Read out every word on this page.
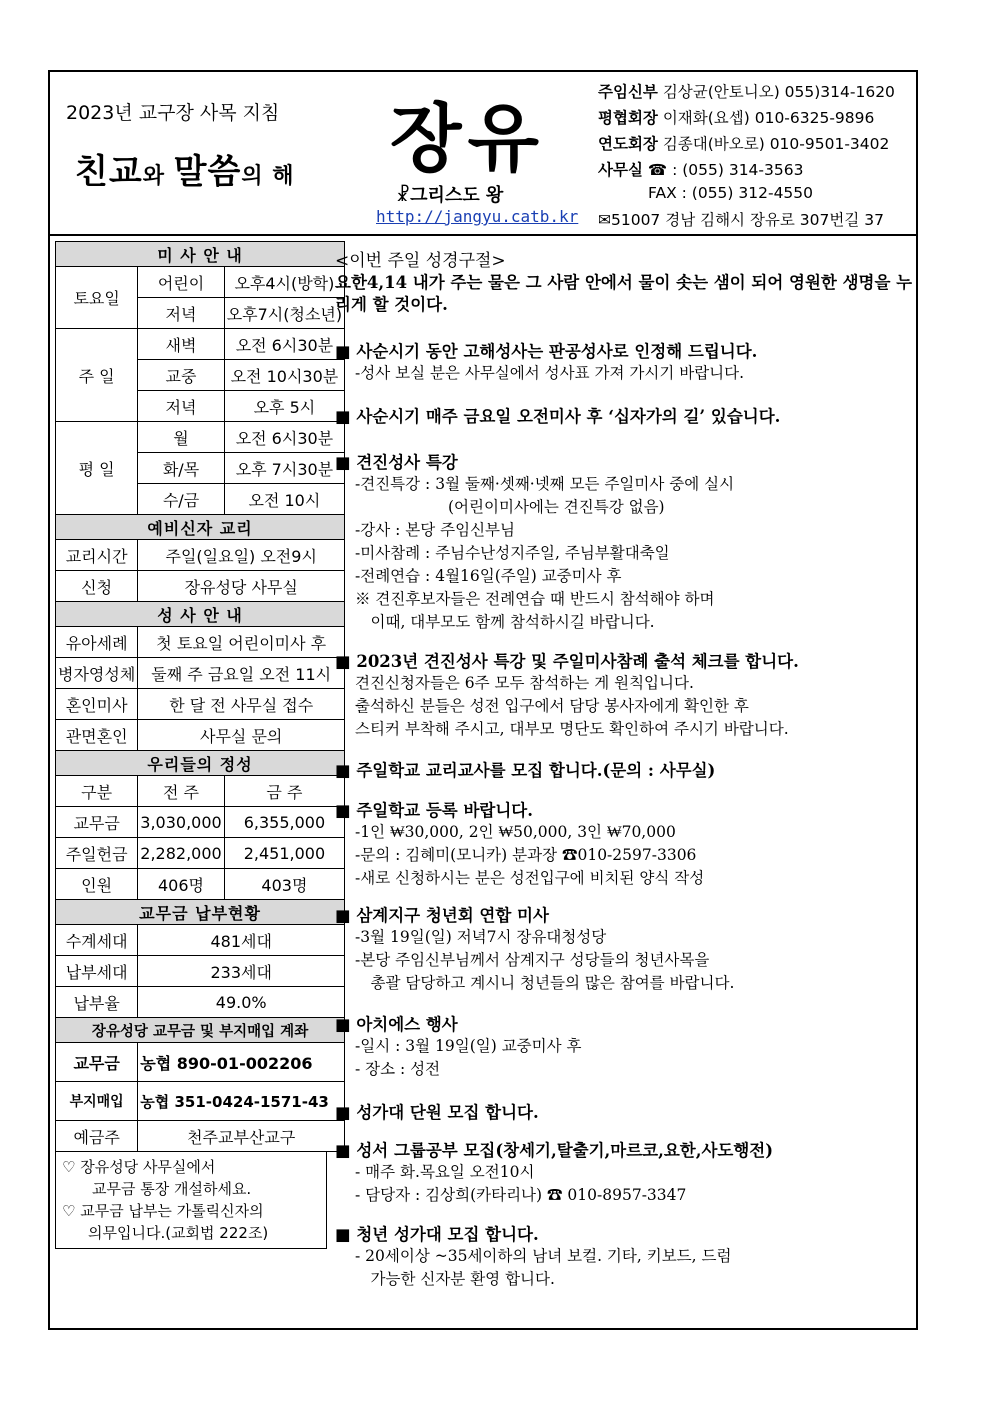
2023년 교구장 사목 지침
친교와 말씀의 해 장유
☧그리스도 왕
http://jangyu.catb.kr
주임신부 김상균(안토니오) 055)314-1620
평협회장 이재화(요셉) 010-6325-9896
연도회장 김종대(바오로) 010-9501-3402
사무실 ☎ : (055) 314-3563
FAX : (055) 312-4550
✉51007 경남 김해시 장유로 307번길 37
미 사 안 내		
토요일	어린이	오후4시(방학)
	저녁	오후7시(청소년)
주 일	새벽	오전 6시30분
	교중	오전 10시30분
	저녁	오후 5시
평 일	월	오전 6시30분
	화/목	오후 7시30분
	수/금	오전 10시
예비신자 교리		
교리시간	주일(일요일) 오전9시	
신청	장유성당 사무실	
성 사 안 내		
유아세례	첫 토요일 어린이미사 후	
병자영성체	둘째 주 금요일 오전 11시	
혼인미사	한 달 전 사무실 접수	
관면혼인	사무실 문의	
우리들의 정성		
구분	전 주	금 주
교무금	3,030,000	6,355,000
주일헌금	2,282,000	2,451,000
인원	406명	403명
교무금 납부현황		
수계세대	481세대	
납부세대	233세대	
납부율	49.0%	
장유성당 교무금 및 부지매입 계좌		
교무금	농협 890-01-002206	
부지매입	농협 351-0424-1571-43	
예금주	천주교부산교구	
♡ 장유성당 사무실에서
교무금 통장 개설하세요.
♡ 교무금 납부는 가톨릭신자의
의무입니다.(교회법 222조)
<이번 주일 성경구절>
요한4,14 내가 주는 물은 그 사람 안에서 물이 솟는 샘이 되어 영원한 생명을 누리게 할 것이다.
■ 사순시기 동안 고해성사는 판공성사로 인정해 드립니다.
-성사 보실 분은 사무실에서 성사표 가져 가시기 바랍니다.
■ 사순시기 매주 금요일 오전미사 후 ‘십자가의 길’ 있습니다.
■ 견진성사 특강
-견진특강 : 3월 둘째·셋째·넷째 모든 주일미사 중에 실시
　　　　　　(어린이미사에는 견진특강 없음)
-강사 : 본당 주임신부님
-미사참례 : 주님수난성지주일, 주님부활대축일
-전례연습 : 4월16일(주일) 교중미사 후
※ 견진후보자들은 전례연습 때 반드시 참석해야 하며
　이때, 대부모도 함께 참석하시길 바랍니다.
■ 2023년 견진성사 특강 및 주일미사참례 출석 체크를 합니다.
견진신청자들은 6주 모두 참석하는 게 원칙입니다.
출석하신 분들은 성전 입구에서 담당 봉사자에게 확인한 후
스티커 부착해 주시고, 대부모 명단도 확인하여 주시기 바랍니다.
■ 주일학교 교리교사를 모집 합니다.(문의 : 사무실)
■ 주일학교 등록 바랍니다.
-1인 ₩30,000, 2인 ₩50,000, 3인 ₩70,000
-문의 : 김혜미(모니카) 분과장 ☎010-2597-3306
-새로 신청하시는 분은 성전입구에 비치된 양식 작성
■ 삼계지구 청년회 연합 미사
-3월 19일(일) 저녁7시 장유대청성당
-본당 주임신부님께서 삼계지구 성당들의 청년사목을
　총괄 담당하고 계시니 청년들의 많은 참여를 바랍니다.
■ 아치에스 행사
-일시 : 3월 19일(일) 교중미사 후
- 장소 : 성전
■ 성가대 단원 모집 합니다.
■ 성서 그룹공부 모집(창세기,탈출기,마르코,요한,사도행전)
- 매주 화.목요일 오전10시
- 담당자 : 김상희(카타리나) ☎ 010-8957-3347
■ 청년 성가대 모집 합니다.
- 20세이상 ~35세이하의 남녀 보컬. 기타, 키보드, 드럼
　가능한 신자분 환영 합니다.
